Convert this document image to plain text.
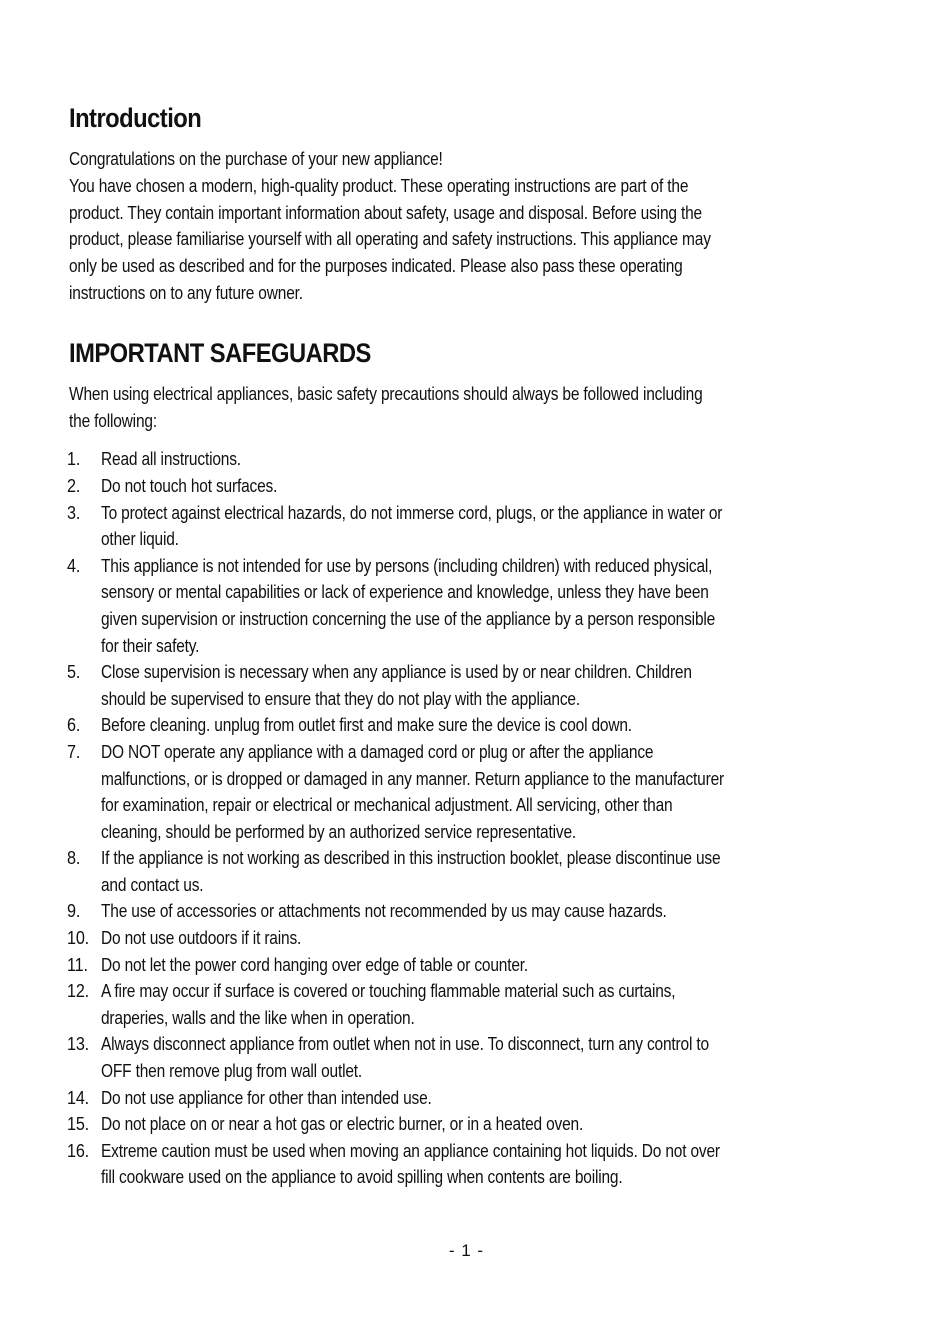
Introduction

Congratulations on the purchase of your new appliance!
You have chosen a modern, high-quality product. These operating instructions are part of the
product. They contain important information about safety, usage and disposal. Before using the
product, please familiarise yourself with all operating and safety instructions. This appliance may
only be used as described and for the purposes indicated. Please also pass these operating
instructions on to any future owner.

IMPORTANT SAFEGUARDS

When using electrical appliances, basic safety precautions should always be followed including
the following:

1. Read all instructions.
2. Do not touch hot surfaces.
3. To protect against electrical hazards, do not immerse cord, plugs, or the appliance in water or
other liquid.
4. This appliance is not intended for use by persons (including children) with reduced physical,
sensory or mental capabilities or lack of experience and knowledge, unless they have been
given supervision or instruction concerning the use of the appliance by a person responsible
for their safety.
5. Close supervision is necessary when any appliance is used by or near children. Children
should be supervised to ensure that they do not play with the appliance.
6. Before cleaning. unplug from outlet first and make sure the device is cool down.
7. DO NOT operate any appliance with a damaged cord or plug or after the appliance
malfunctions, or is dropped or damaged in any manner. Return appliance to the manufacturer
for examination, repair or electrical or mechanical adjustment. All servicing, other than
cleaning, should be performed by an authorized service representative.
8. If the appliance is not working as described in this instruction booklet, please discontinue use
and contact us.
9. The use of accessories or attachments not recommended by us may cause hazards.
10. Do not use outdoors if it rains.
11. Do not let the power cord hanging over edge of table or counter.
12. A fire may occur if surface is covered or touching flammable material such as curtains,
draperies, walls and the like when in operation.
13. Always disconnect appliance from outlet when not in use. To disconnect, turn any control to
OFF then remove plug from wall outlet.
14. Do not use appliance for other than intended use.
15. Do not place on or near a hot gas or electric burner, or in a heated oven.
16. Extreme caution must be used when moving an appliance containing hot liquids. Do not over
fill cookware used on the appliance to avoid spilling when contents are boiling.
- 1 -
